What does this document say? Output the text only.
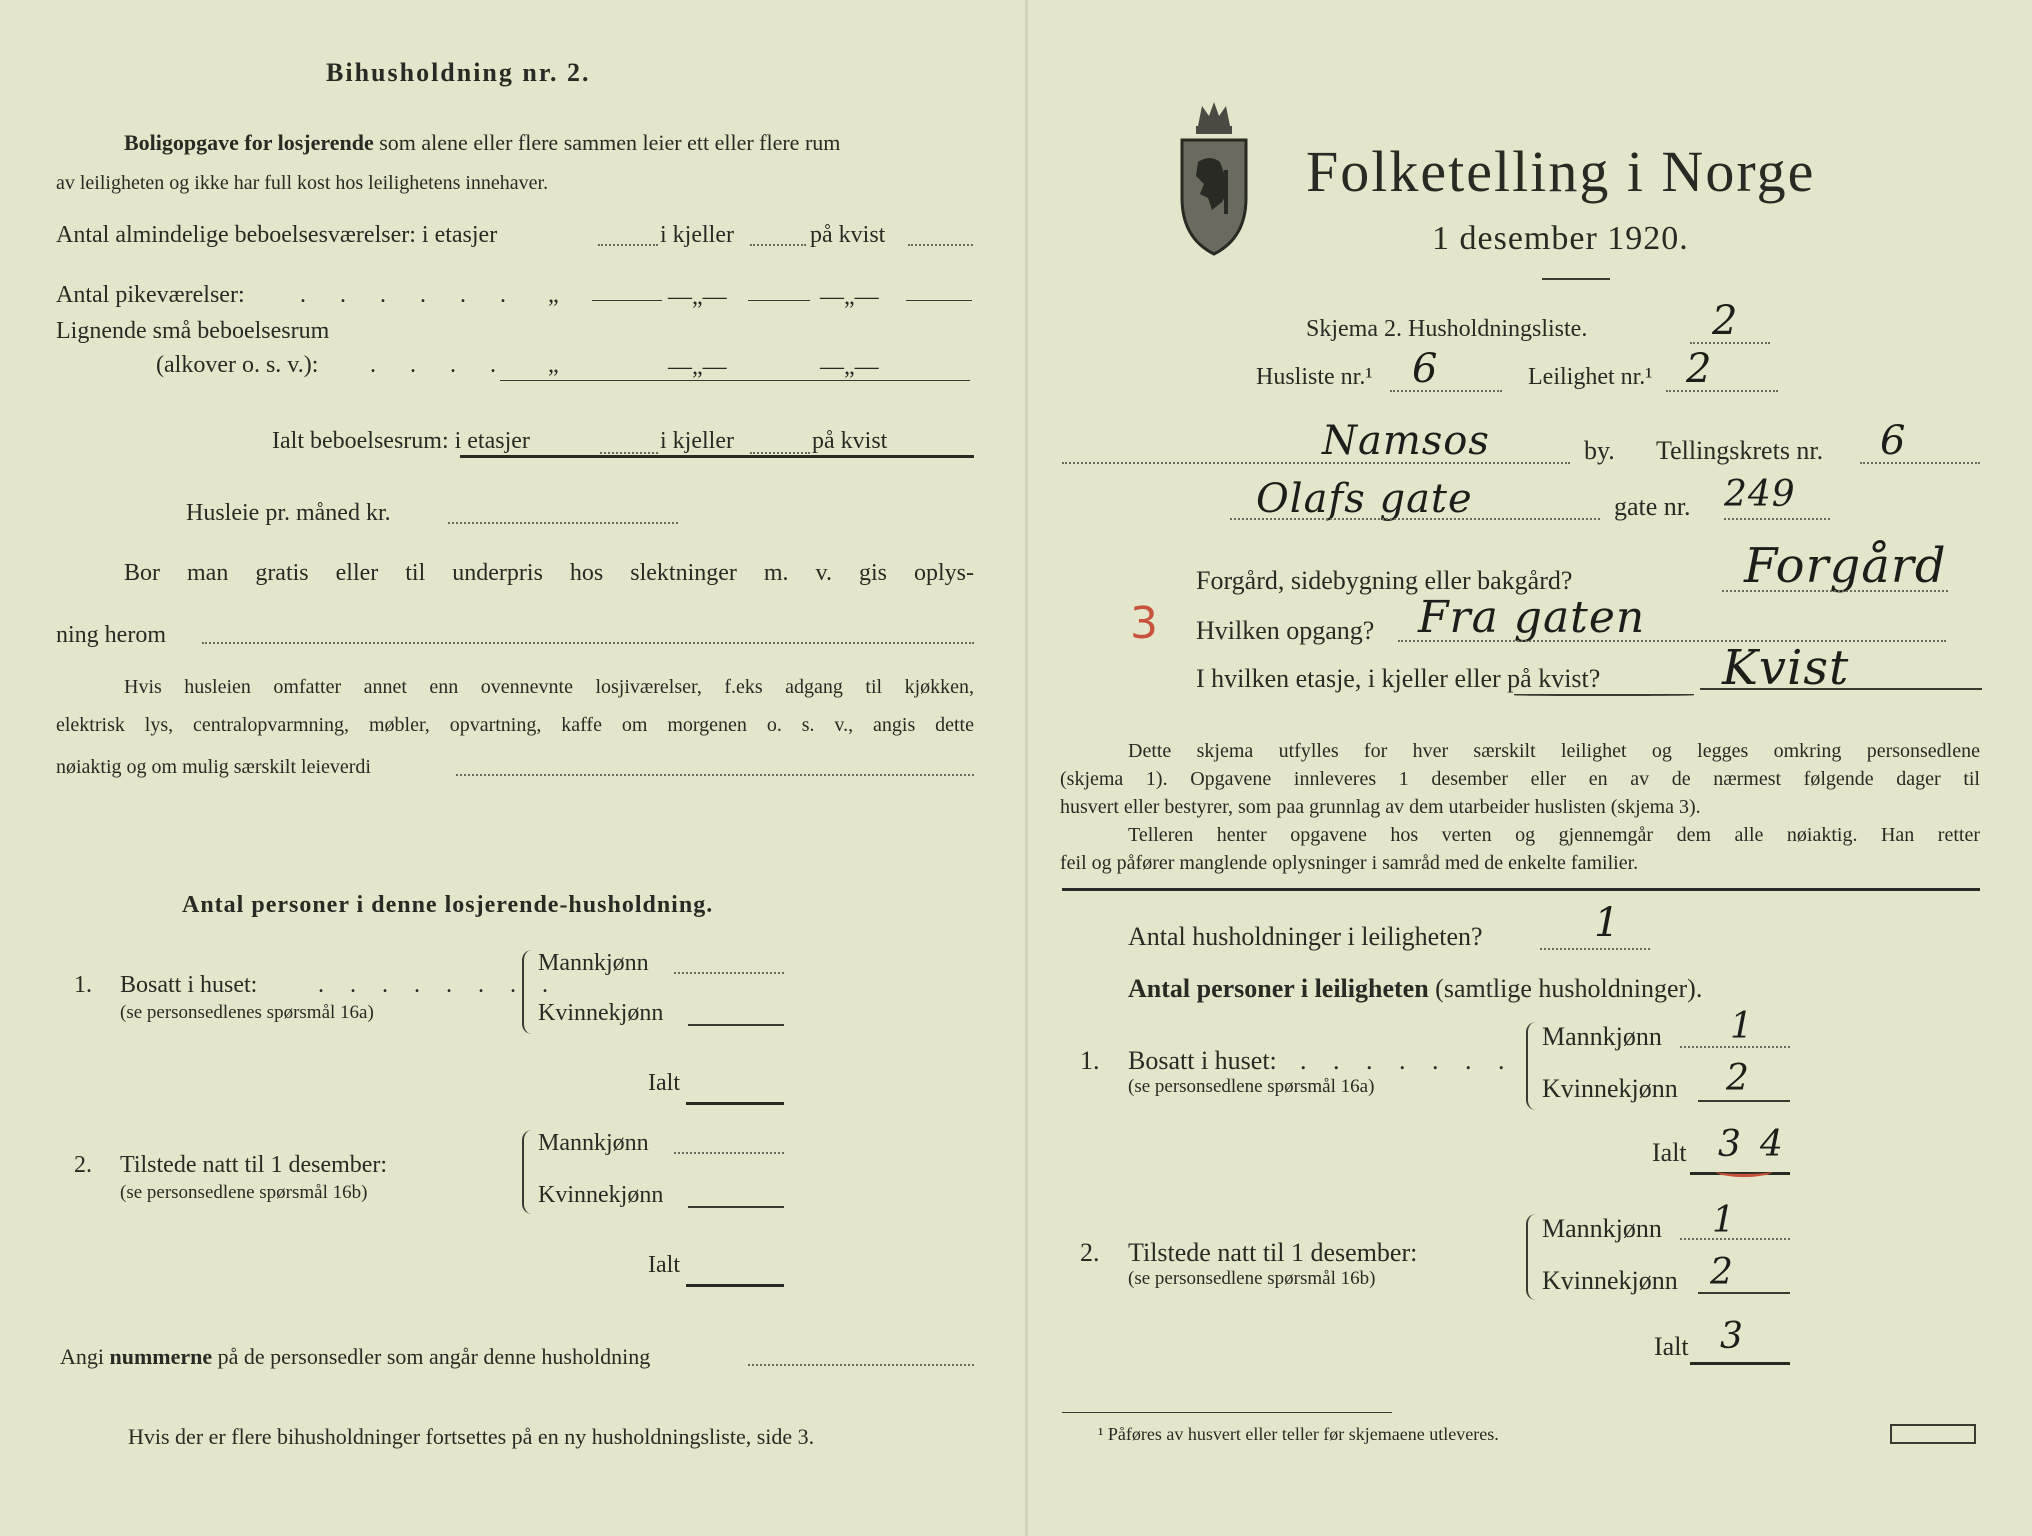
Bihusholdning nr. 2.
Boligopgave for losjerende som alene eller flere sammen leier ett eller flere rum
av leiligheten og ikke har full kost hos leilighetens innehaver.
Antal almindelige beboelsesværelser: i etasjer	i kjeller	på kvist
Antal pikeværelser: . . . . . . „	—„—	—„—
Lignende små beboelsesrum
(alkover o. s. v.): . . . . „	—„—	—„—
Ialt beboelsesrum: i etasjer	i kjeller	på kvist
Husleie pr. måned kr.
Bor man gratis eller til underpris hos slektninger m. v. gis oplys-
ning herom
Hvis husleien omfatter annet enn ovennevnte losjiværelser, f.eks adgang til kjøkken,
elektrisk lys, centralopvarmning, møbler, opvartning, kaffe om morgenen o. s. v., angis dette
nøiaktig og om mulig særskilt leieverdi
Antal personer i denne losjerende-husholdning.
1. Bosatt i huset:	. . . . . . . .
(se personsedlenes spørsmål 16a)
Mannkjønn
Kvinnekjønn
Ialt
2. Tilstede natt til 1 desember:
(se personsedlene spørsmål 16b)
Mannkjønn
Kvinnekjønn
Ialt
Angi nummerne på de personsedler som angår denne husholdning
Hvis der er flere bihusholdninger fortsettes på en ny husholdningsliste, side 3.
Folketelling i Norge
1 desember 1920.
Skjema 2. Husholdningsliste.	2
Husliste nr.¹ 6	Leilighet nr.¹ 2
Namsos	by. Tellingskrets nr. 6
Olafs gate	gate nr. 249
Forgård, sidebygning eller bakgård?	Forgård
3 Hvilken opgang? Fra gaten
I hvilken etasje, i kjeller eller på kvist?	Kvist
Dette skjema utfylles for hver særskilt leilighet og legges omkring personsedlene
(skjema 1). Opgavene innleveres 1 desember eller en av de nærmest følgende dager til
husvert eller bestyrer, som paa grunnlag av dem utarbeider huslisten (skjema 3).
Telleren henter opgavene hos verten og gjennemgår dem alle nøiaktig. Han retter
feil og påfører manglende oplysninger i samråd med de enkelte familier.
Antal husholdninger i leiligheten?	1
Antal personer i leiligheten (samtlige husholdninger).
1. Bosatt i huset: . . . . . . .
(se personsedlene spørsmål 16a)
Mannkjønn 1
Kvinnekjønn 2
Ialt 3 4
2. Tilstede natt til 1 desember:
(se personsedlene spørsmål 16b)
Mannkjønn 1
Kvinnekjønn 2
Ialt 3
¹ Påføres av husvert eller teller før skjemaene utleveres.
